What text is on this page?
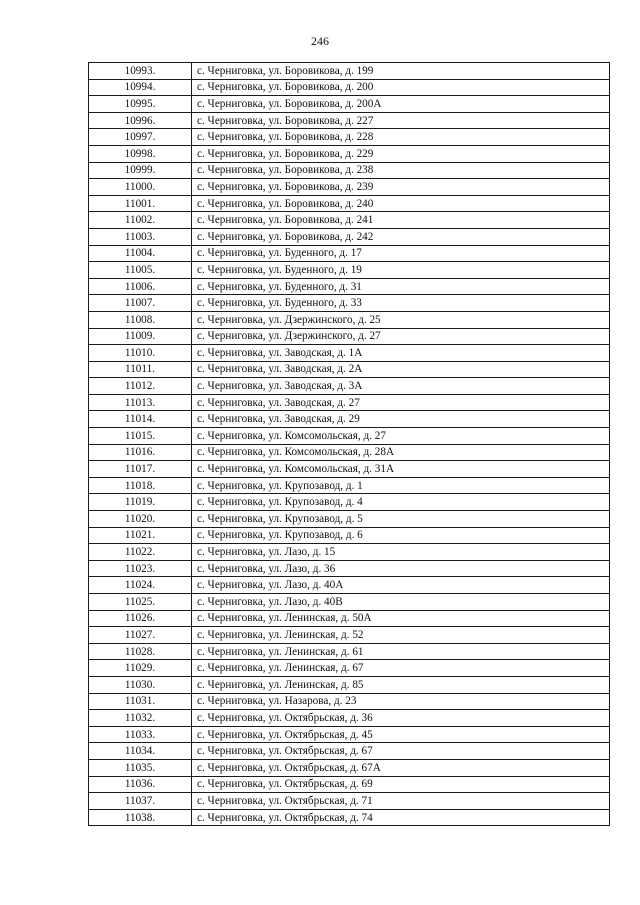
246
10993.	с. Черниговка, ул. Боровикова, д. 199
10994.	с. Черниговка, ул. Боровикова, д. 200
10995.	с. Черниговка, ул. Боровикова, д. 200А
10996.	с. Черниговка, ул. Боровикова, д. 227
10997.	с. Черниговка, ул. Боровикова, д. 228
10998.	с. Черниговка, ул. Боровикова, д. 229
10999.	с. Черниговка, ул. Боровикова, д. 238
11000.	с. Черниговка, ул. Боровикова, д. 239
11001.	с. Черниговка, ул. Боровикова, д. 240
11002.	с. Черниговка, ул. Боровикова, д. 241
11003.	с. Черниговка, ул. Боровикова, д. 242
11004.	с. Черниговка, ул. Буденного, д. 17
11005.	с. Черниговка, ул. Буденного, д. 19
11006.	с. Черниговка, ул. Буденного, д. 31
11007.	с. Черниговка, ул. Буденного, д. 33
11008.	с. Черниговка, ул. Дзержинского, д. 25
11009.	с. Черниговка, ул. Дзержинского, д. 27
11010.	с. Черниговка, ул. Заводская, д. 1А
11011.	с. Черниговка, ул. Заводская, д. 2А
11012.	с. Черниговка, ул. Заводская, д. 3А
11013.	с. Черниговка, ул. Заводская, д. 27
11014.	с. Черниговка, ул. Заводская, д. 29
11015.	с. Черниговка, ул. Комсомольская, д. 27
11016.	с. Черниговка, ул. Комсомольская, д. 28А
11017.	с. Черниговка, ул. Комсомольская, д. 31А
11018.	с. Черниговка, ул. Крупозавод, д. 1
11019.	с. Черниговка, ул. Крупозавод, д. 4
11020.	с. Черниговка, ул. Крупозавод, д. 5
11021.	с. Черниговка, ул. Крупозавод, д. 6
11022.	с. Черниговка, ул. Лазо, д. 15
11023.	с. Черниговка, ул. Лазо, д. 36
11024.	с. Черниговка, ул. Лазо, д. 40А
11025.	с. Черниговка, ул. Лазо, д. 40В
11026.	с. Черниговка, ул. Ленинская, д. 50А
11027.	с. Черниговка, ул. Ленинская, д. 52
11028.	с. Черниговка, ул. Ленинская, д. 61
11029.	с. Черниговка, ул. Ленинская, д. 67
11030.	с. Черниговка, ул. Ленинская, д. 85
11031.	с. Черниговка, ул. Назарова, д. 23
11032.	с. Черниговка, ул. Октябрьская, д. 36
11033.	с. Черниговка, ул. Октябрьская, д. 45
11034.	с. Черниговка, ул. Октябрьская, д. 67
11035.	с. Черниговка, ул. Октябрьская, д. 67А
11036.	с. Черниговка, ул. Октябрьская, д. 69
11037.	с. Черниговка, ул. Октябрьская, д. 71
11038.	с. Черниговка, ул. Октябрьская, д. 74
